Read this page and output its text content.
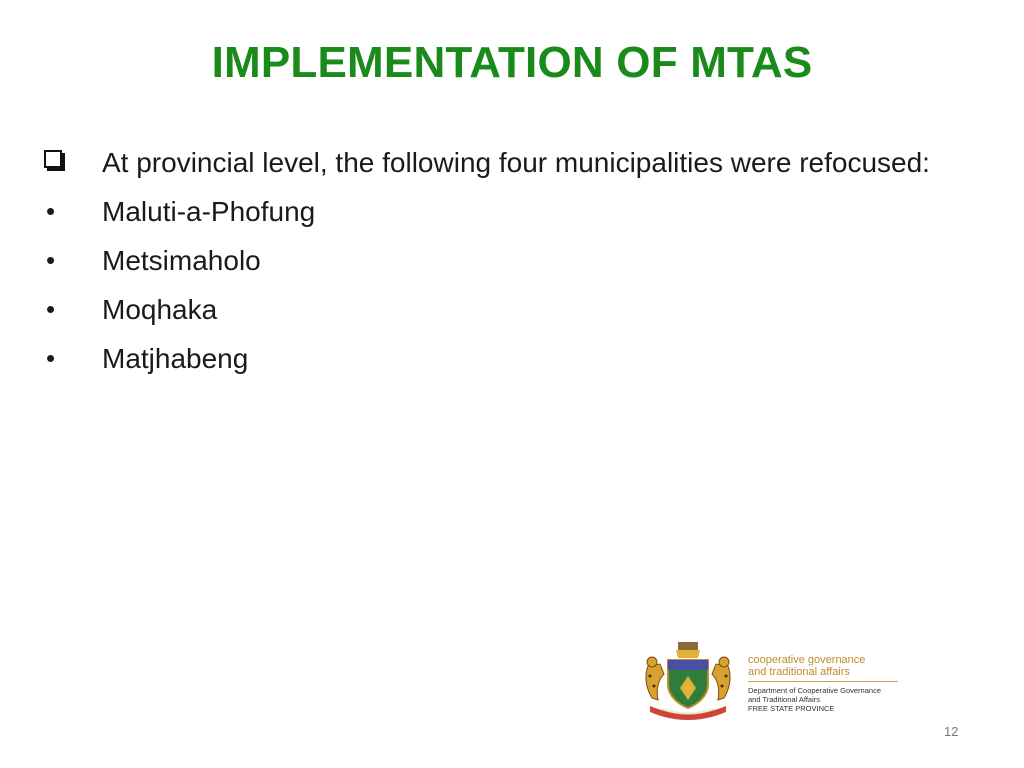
IMPLEMENTATION OF MTAS
At provincial level, the following four municipalities were refocused:
• Maluti-a-Phofung
• Metsimaholo
• Moqhaka
• Matjhabeng
cooperative governance
and traditional affairs
Department of Cooperative Governance
and Traditional Affairs
FREE STATE PROVINCE
12
